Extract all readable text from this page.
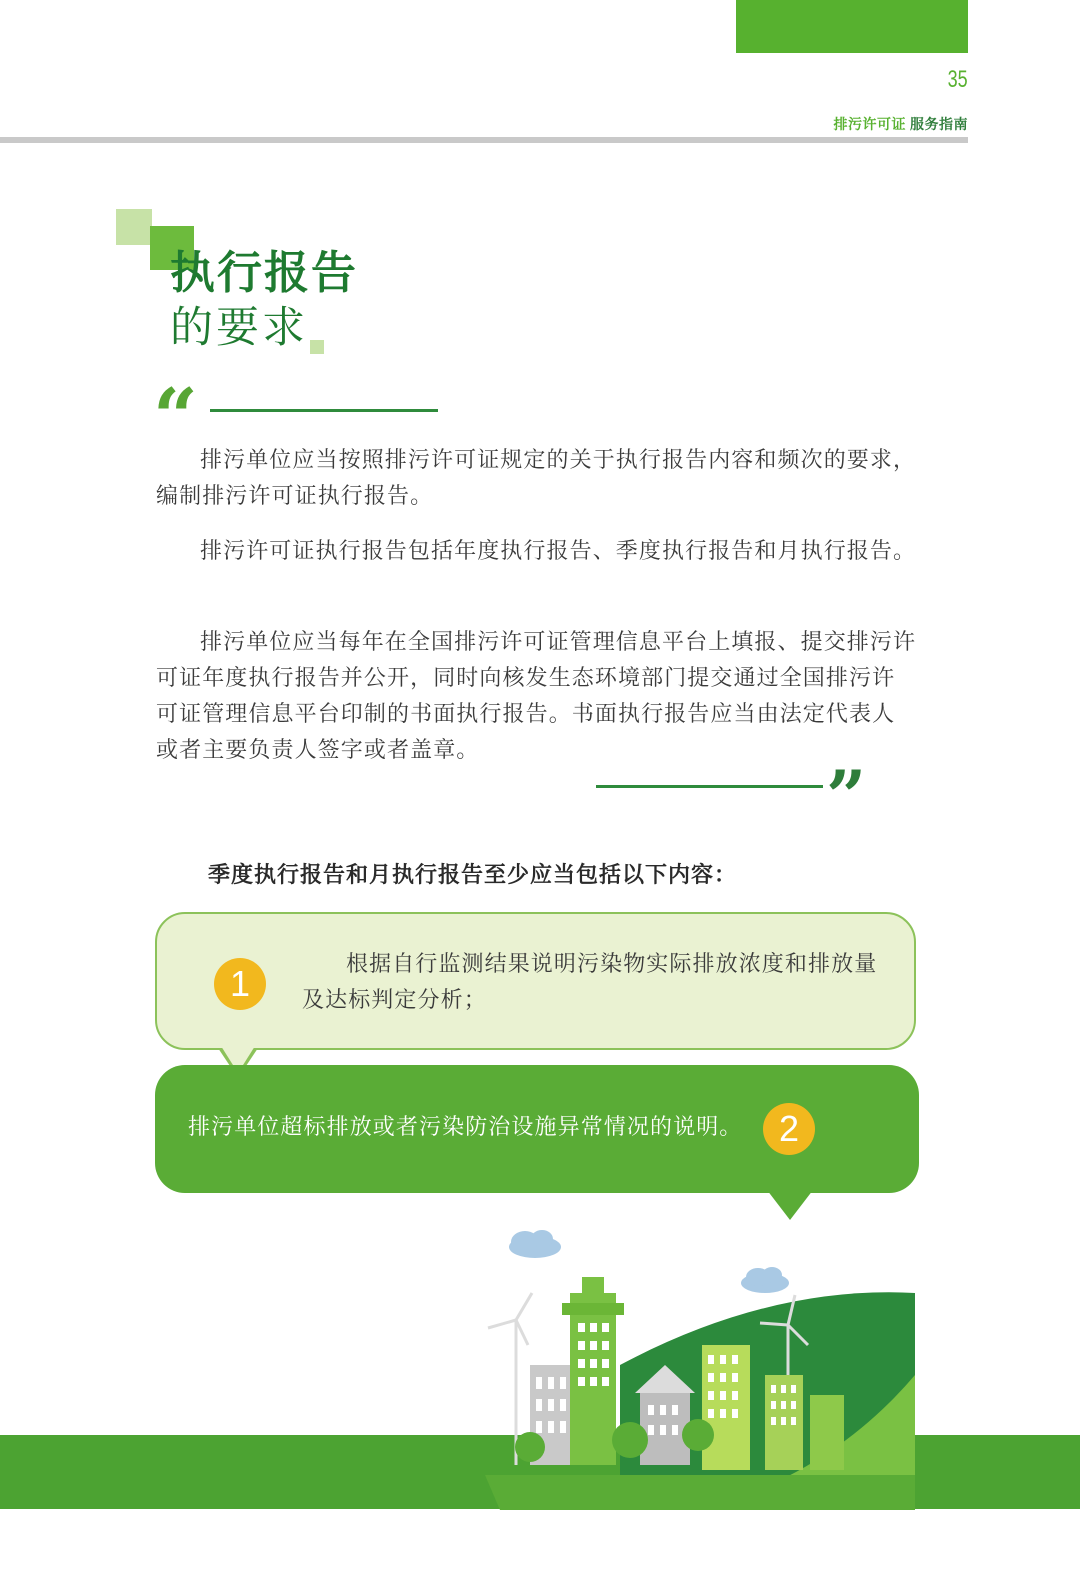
35
排污许可证 服务指南
执行报告
的要求
“ 排污单位应当按照排污许可证规定的关于执行报告内容和频次的要求，编制排污许可证执行报告。

排污许可证执行报告包括年度执行报告、季度执行报告和月执行报告。

排污单位应当每年在全国排污许可证管理信息平台上填报、提交排污许可证年度执行报告并公开，同时向核发生态环境部门提交通过全国排污许可证管理信息平台印制的书面执行报告。书面执行报告应当由法定代表人或者主要负责人签字或者盖章。

”
季度执行报告和月执行报告至少应当包括以下内容：
1	根据自行监测结果说明污染物实际排放浓度和排放量及达标判定分析；

排污单位超标排放或者污染防治设施异常情况的说明。	2
